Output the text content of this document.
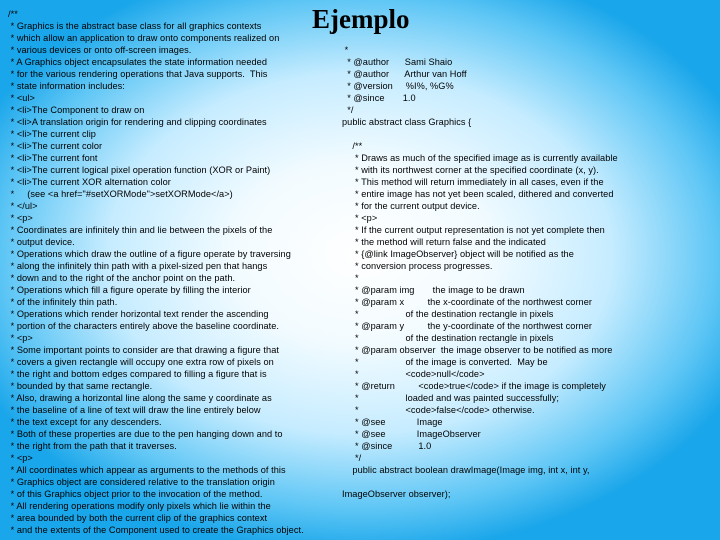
Ejemplo
/**
* Graphics is the abstract base class for all graphics contexts
* which allow an application to draw onto components realized on
* various devices or onto off-screen images.
* A Graphics object encapsulates the state information needed
* for the various rendering operations that Java supports.  This
* state information includes:
* <ul>
* <li>The Component to draw on
* <li>A translation origin for rendering and clipping coordinates
* <li>The current clip
* <li>The current color
* <li>The current font
* <li>The current logical pixel operation function (XOR or Paint)
* <li>The current XOR alternation color
*     (see <a href="#setXORMode">setXORMode</a>)
* </ul>
* <p>
* Coordinates are infinitely thin and lie between the pixels of the
* output device.
* Operations which draw the outline of a figure operate by traversing
* along the infinitely thin path with a pixel-sized pen that hangs
* down and to the right of the anchor point on the path.
* Operations which fill a figure operate by filling the interior
* of the infinitely thin path.
* Operations which render horizontal text render the ascending
* portion of the characters entirely above the baseline coordinate.
* <p>
* Some important points to consider are that drawing a figure that
* covers a given rectangle will occupy one extra row of pixels on
* the right and bottom edges compared to filling a figure that is
* bounded by that same rectangle.
* Also, drawing a horizontal line along the same y coordinate as
* the baseline of a line of text will draw the line entirely below
* the text except for any descenders.
* Both of these properties are due to the pen hanging down and to
* the right from the path that it traverses.
* <p>
* All coordinates which appear as arguments to the methods of this
* Graphics object are considered relative to the translation origin
* of this Graphics object prior to the invocation of the method.
* All rendering operations modify only pixels which lie within the
* area bounded by both the current clip of the graphics context
* and the extents of the Component used to create the Graphics object.
*
* @author      Sami Shaio
* @author      Arthur van Hoff
* @version     %I%, %G%
* @since       1.0
*/
public abstract class Graphics {
/**
* Draws as much of the specified image as is currently available
* with its northwest corner at the specified coordinate (x, y).
* This method will return immediately in all cases, even if the
* entire image has not yet been scaled, dithered and converted
* for the current output device.
* <p>
* If the current output representation is not yet complete then
* the method will return false and the indicated
* {@link ImageObserver} object will be notified as the
* conversion process progresses.
*
* @param img       the image to be drawn
* @param x         the x-coordinate of the northwest corner
*                  of the destination rectangle in pixels
* @param y         the y-coordinate of the northwest corner
*                  of the destination rectangle in pixels
* @param observer  the image observer to be notified as more
*                  of the image is converted.  May be
*                  <code>null</code>
* @return         <code>true</code> if the image is completely
*                  loaded and was painted successfully;
*                  <code>false</code> otherwise.
* @see            Image
* @see            ImageObserver
* @since          1.0
*/
public abstract boolean drawImage(Image img, int x, int y,
ImageObserver observer);
